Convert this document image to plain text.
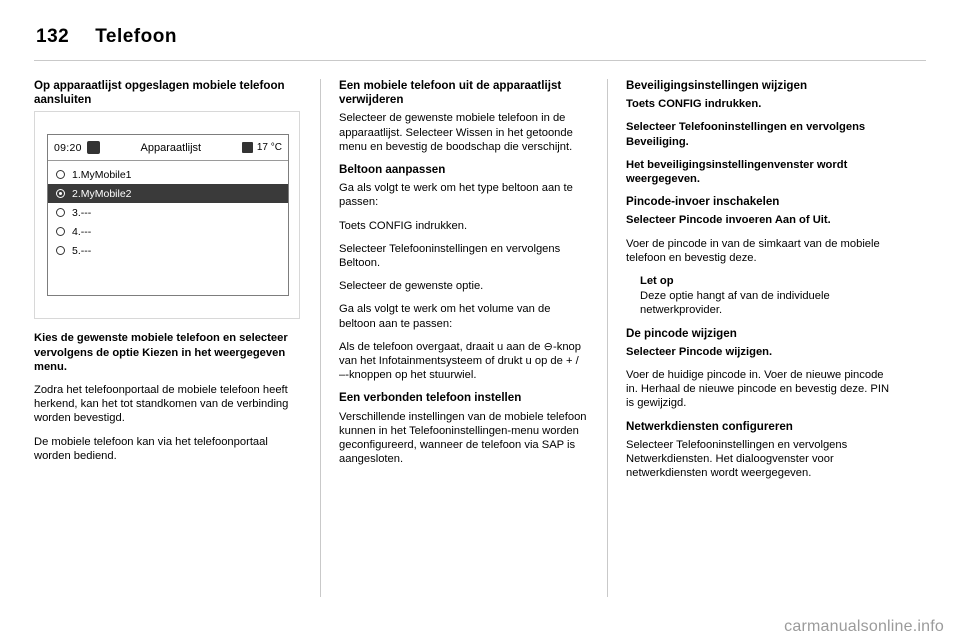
132 Telefoon
Op apparaatlijst opgeslagen mobiele telefoon aansluiten
09:20	Apparaatlijst	17 °C
1.MyMobile1
2.MyMobile2
3.---
4.---
5.---

Kies de gewenste mobiele telefoon en selecteer vervolgens de optie Kiezen in het weergegeven menu.

Zodra het telefoonportaal de mobiele telefoon heeft herkend, kan het tot standkomen van de verbinding worden bevestigd.

De mobiele telefoon kan via het telefoonportaal worden bediend.

Een mobiele telefoon uit de apparaatlijst verwijderen

Selecteer de gewenste mobiele telefoon in de apparaatlijst. Selecteer Wissen in het getoonde menu en bevestig de boodschap die verschijnt.

Beltoon aanpassen

Ga als volgt te werk om het type beltoon aan te passen:

Toets CONFIG indrukken.

Selecteer Telefooninstellingen en vervolgens Beltoon.

Selecteer de gewenste optie.

Ga als volgt te werk om het volume van de beltoon aan te passen:

Als de telefoon overgaat, draait u aan de ⊖-knop van het Infotainmentsysteem of drukt u op de + / –-knoppen op het stuurwiel.

Een verbonden telefoon instellen

Verschillende instellingen van de mobiele telefoon kunnen in het Telefooninstellingen-menu worden geconfigureerd, wanneer de telefoon via SAP is aangesloten.

Beveiligingsinstellingen wijzigen

Toets CONFIG indrukken.

Selecteer Telefooninstellingen en vervolgens Beveiliging.

Het beveiligingsinstellingenvenster wordt weergegeven.

Pincode-invoer inschakelen

Selecteer Pincode invoeren Aan of Uit.

Voer de pincode in van de simkaart van de mobiele telefoon en bevestig deze.

Let op

Deze optie hangt af van de individuele netwerkprovider.

De pincode wijzigen

Selecteer Pincode wijzigen.

Voer de huidige pincode in. Voer de nieuwe pincode in. Herhaal de nieuwe pincode en bevestig deze. PIN is gewijzigd.

Netwerkdiensten configureren

Selecteer Telefooninstellingen en vervolgens Netwerkdiensten. Het dialoogvenster voor netwerkdiensten wordt weergegeven.

carmanualsonline.info
